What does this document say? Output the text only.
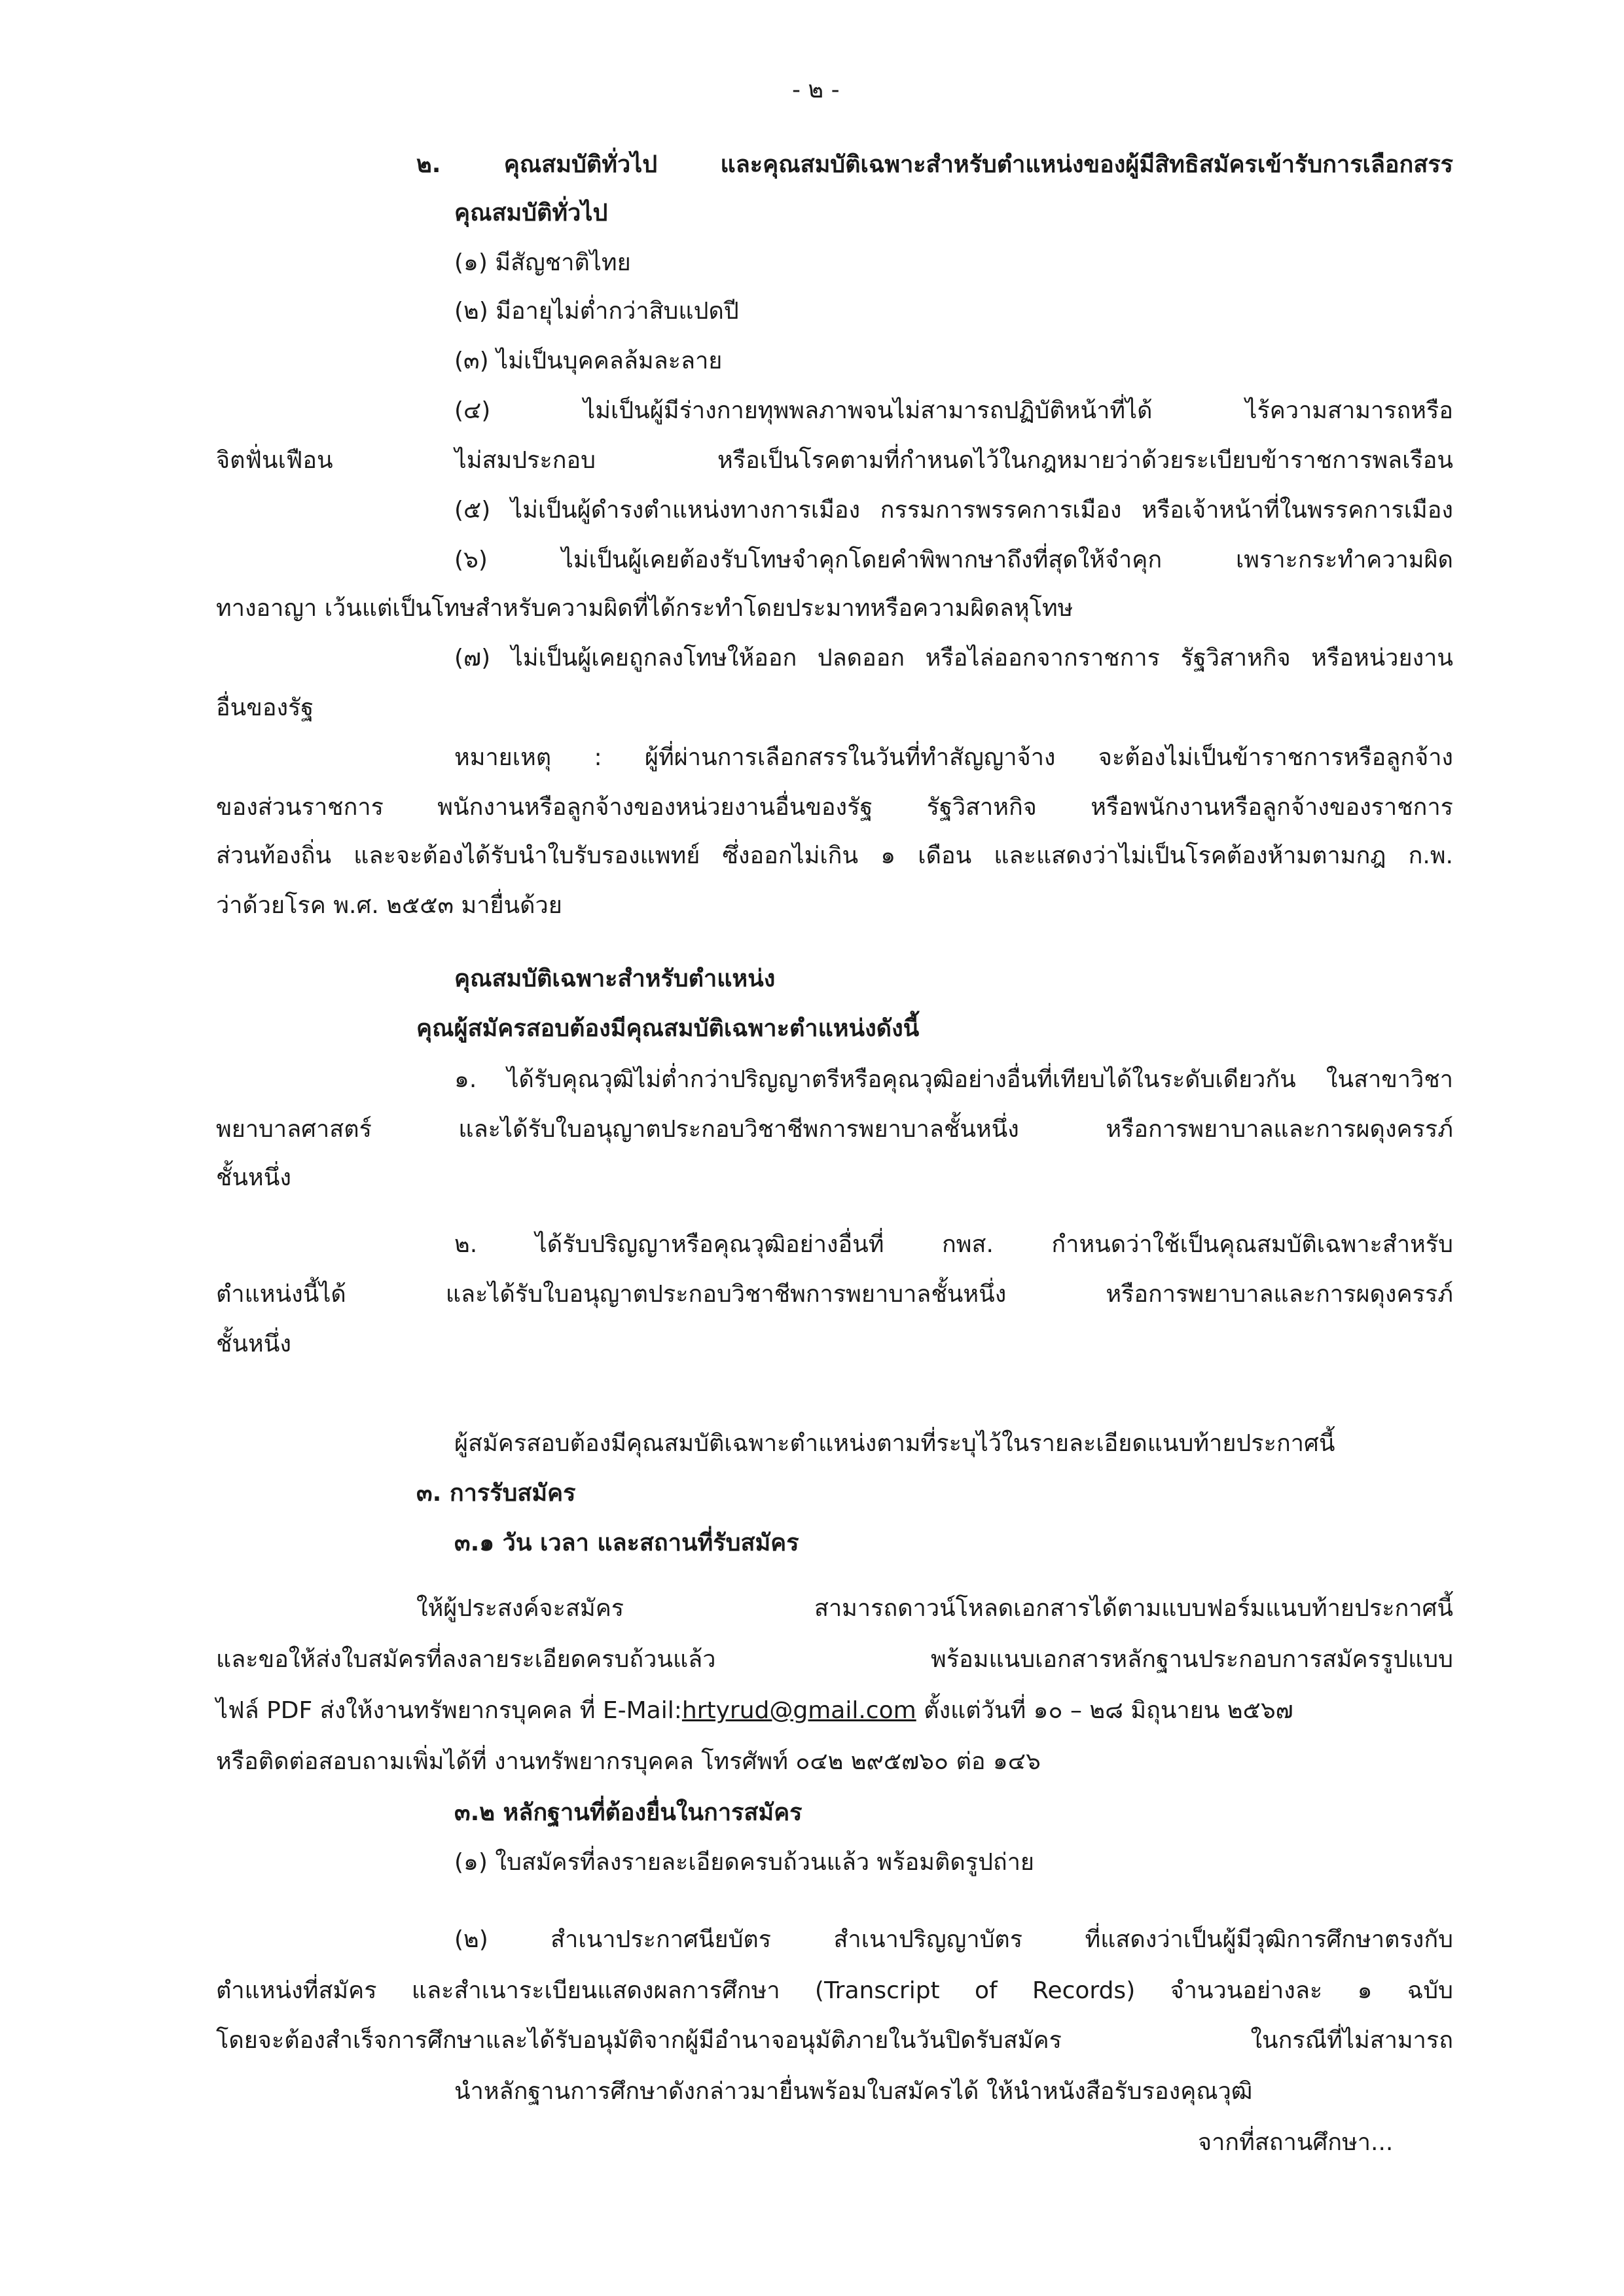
- ๒ -

๒. คุณสมบัติทั่วไป และคุณสมบัติเฉพาะสำหรับตำแหน่งของผู้มีสิทธิสมัครเข้ารับการเลือกสรร

คุณสมบัติทั่วไป

(๑) มีสัญชาติไทย

(๒) มีอายุไม่ต่ำกว่าสิบแปดปี

(๓) ไม่เป็นบุคคลล้มละลาย

(๔) ไม่เป็นผู้มีร่างกายทุพพลภาพจนไม่สามารถปฏิบัติหน้าที่ได้ ไร้ความสามารถหรือ

จิตฟั่นเฟือน ไม่สมประกอบ หรือเป็นโรคตามที่กำหนดไว้ในกฎหมายว่าด้วยระเบียบข้าราชการพลเรือน

(๕) ไม่เป็นผู้ดำรงตำแหน่งทางการเมือง กรรมการพรรคการเมือง หรือเจ้าหน้าที่ในพรรคการเมือง

(๖) ไม่เป็นผู้เคยต้องรับโทษจำคุกโดยคำพิพากษาถึงที่สุดให้จำคุก เพราะกระทำความผิด

ทางอาญา เว้นแต่เป็นโทษสำหรับความผิดที่ได้กระทำโดยประมาทหรือความผิดลหุโทษ

(๗) ไม่เป็นผู้เคยถูกลงโทษให้ออก ปลดออก หรือไล่ออกจากราชการ รัฐวิสาหกิจ หรือหน่วยงาน

อื่นของรัฐ

หมายเหตุ : ผู้ที่ผ่านการเลือกสรรในวันที่ทำสัญญาจ้าง จะต้องไม่เป็นข้าราชการหรือลูกจ้าง

ของส่วนราชการ พนักงานหรือลูกจ้างของหน่วยงานอื่นของรัฐ รัฐวิสาหกิจ หรือพนักงานหรือลูกจ้างของราชการ

ส่วนท้องถิ่น และจะต้องได้รับนำใบรับรองแพทย์ ซึ่งออกไม่เกิน ๑ เดือน และแสดงว่าไม่เป็นโรคต้องห้ามตามกฎ ก.พ.

ว่าด้วยโรค พ.ศ. ๒๕๕๓ มายื่นด้วย

คุณสมบัติเฉพาะสำหรับตำแหน่ง

คุณผู้สมัครสอบต้องมีคุณสมบัติเฉพาะตำแหน่งดังนี้

๑. ได้รับคุณวุฒิไม่ต่ำกว่าปริญญาตรีหรือคุณวุฒิอย่างอื่นที่เทียบได้ในระดับเดียวกัน ในสาขาวิชา

พยาบาลศาสตร์ และได้รับใบอนุญาตประกอบวิชาชีพการพยาบาลชั้นหนึ่ง หรือการพยาบาลและการผดุงครรภ์

ชั้นหนึ่ง

๒. ได้รับปริญญาหรือคุณวุฒิอย่างอื่นที่ กพส. กำหนดว่าใช้เป็นคุณสมบัติเฉพาะสำหรับ

ตำแหน่งนี้ได้ และได้รับใบอนุญาตประกอบวิชาชีพการพยาบาลชั้นหนึ่ง หรือการพยาบาลและการผดุงครรภ์

ชั้นหนึ่ง

ผู้สมัครสอบต้องมีคุณสมบัติเฉพาะตำแหน่งตามที่ระบุไว้ในรายละเอียดแนบท้ายประกาศนี้

๓. การรับสมัคร

๓.๑ วัน เวลา และสถานที่รับสมัคร

ให้ผู้ประสงค์จะสมัคร สามารถดาวน์โหลดเอกสารได้ตามแบบฟอร์มแนบท้ายประกาศนี้

และขอให้ส่งใบสมัครที่ลงลายระเอียดครบถ้วนแล้ว พร้อมแนบเอกสารหลักฐานประกอบการสมัครรูปแบบ

ไฟล์ PDF ส่งให้งานทรัพยากรบุคคล ที่ E-Mail:hrtyrud@gmail.com ตั้งแต่วันที่ ๑๐ – ๒๘ มิถุนายน ๒๕๖๗

หรือติดต่อสอบถามเพิ่มได้ที่ งานทรัพยากรบุคคล โทรศัพท์ ๐๔๒ ๒๙๕๗๖๐ ต่อ ๑๔๖

๓.๒ หลักฐานที่ต้องยื่นในการสมัคร

(๑) ใบสมัครที่ลงรายละเอียดครบถ้วนแล้ว พร้อมติดรูปถ่าย

(๒) สำเนาประกาศนียบัตร สำเนาปริญญาบัตร ที่แสดงว่าเป็นผู้มีวุฒิการศึกษาตรงกับ

ตำแหน่งที่สมัคร และสำเนาระเบียนแสดงผลการศึกษา (Transcript of Records) จำนวนอย่างละ ๑ ฉบับ

โดยจะต้องสำเร็จการศึกษาและได้รับอนุมัติจากผู้มีอำนาจอนุมัติภายในวันปิดรับสมัคร ในกรณีที่ไม่สามารถ

นำหลักฐานการศึกษาดังกล่าวมายื่นพร้อมใบสมัครได้ ให้นำหนังสือรับรองคุณวุฒิ

จากที่สถานศึกษา...
